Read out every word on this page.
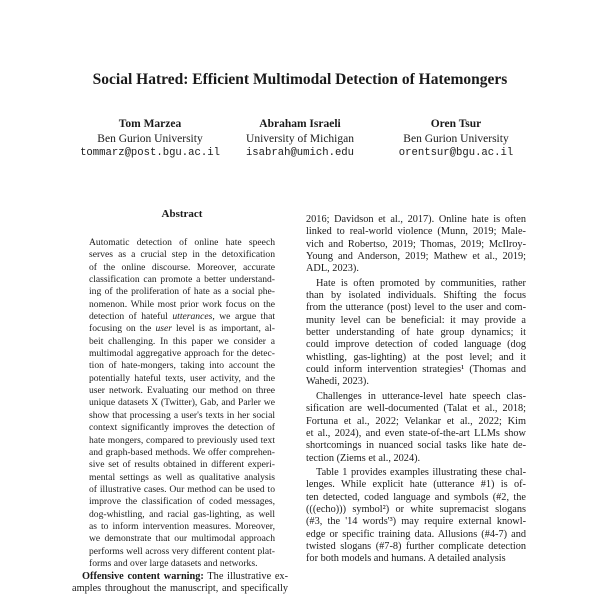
Social Hatred: Efficient Multimodal Detection of Hatemongers
Tom Marzea
Ben Gurion University
tommarz@post.bgu.ac.il
Abraham Israeli
University of Michigan
isabrah@umich.edu
Oren Tsur
Ben Gurion University
orentsur@bgu.ac.il
Abstract
Automatic detection of online hate speech
serves as a crucial step in the detoxification
of the online discourse. Moreover, accurate
classification can promote a better understand-
ing of the proliferation of hate as a social phe-
nomenon. While most prior work focus on the
detection of hateful utterances, we argue that
focusing on the user level is as important, al-
beit challenging. In this paper we consider a
multimodal aggregative approach for the detec-
tion of hate-mongers, taking into account the
potentially hateful texts, user activity, and the
user network. Evaluating our method on three
unique datasets X (Twitter), Gab, and Parler we
show that processing a user's texts in her social
context significantly improves the detection of
hate mongers, compared to previously used text
and graph-based methods. We offer comprehen-
sive set of results obtained in different experi-
mental settings as well as qualitative analysis
of illustrative cases. Our method can be used to
improve the classification of coded messages,
dog-whistling, and racial gas-lighting, as well
as to inform intervention measures. Moreover,
we demonstrate that our multimodal approach
performs well across very different content plat-
forms and over large datasets and networks.
Offensive content warning: The illustrative ex-
amples throughout the manuscript, and specifically
2016; Davidson et al., 2017). Online hate is often
linked to real-world violence (Munn, 2019; Male-
vich and Robertso, 2019; Thomas, 2019; McIlroy-
Young and Anderson, 2019; Mathew et al., 2019;
ADL, 2023).
Hate is often promoted by communities, rather
than by isolated individuals. Shifting the focus
from the utterance (post) level to the user and com-
munity level can be beneficial: it may provide a
better understanding of hate group dynamics; it
could improve detection of coded language (dog
whistling, gas-lighting) at the post level; and it
could inform intervention strategies¹ (Thomas and
Wahedi, 2023).
Challenges in utterance-level hate speech clas-
sification are well-documented (Talat et al., 2018;
Fortuna et al., 2022; Velankar et al., 2022; Kim
et al., 2024), and even state-of-the-art LLMs show
shortcomings in nuanced social tasks like hate de-
tection (Ziems et al., 2024).
Table 1 provides examples illustrating these chal-
lenges. While explicit hate (utterance #1) is of-
ten detected, coded language and symbols (#2, the
(((echo))) symbol²) or white supremacist slogans
(#3, the '14 words'³) may require external knowl-
edge or specific training data. Allusions (#4-7) and
twisted slogans (#7-8) further complicate detection
for both models and humans. A detailed analysis
